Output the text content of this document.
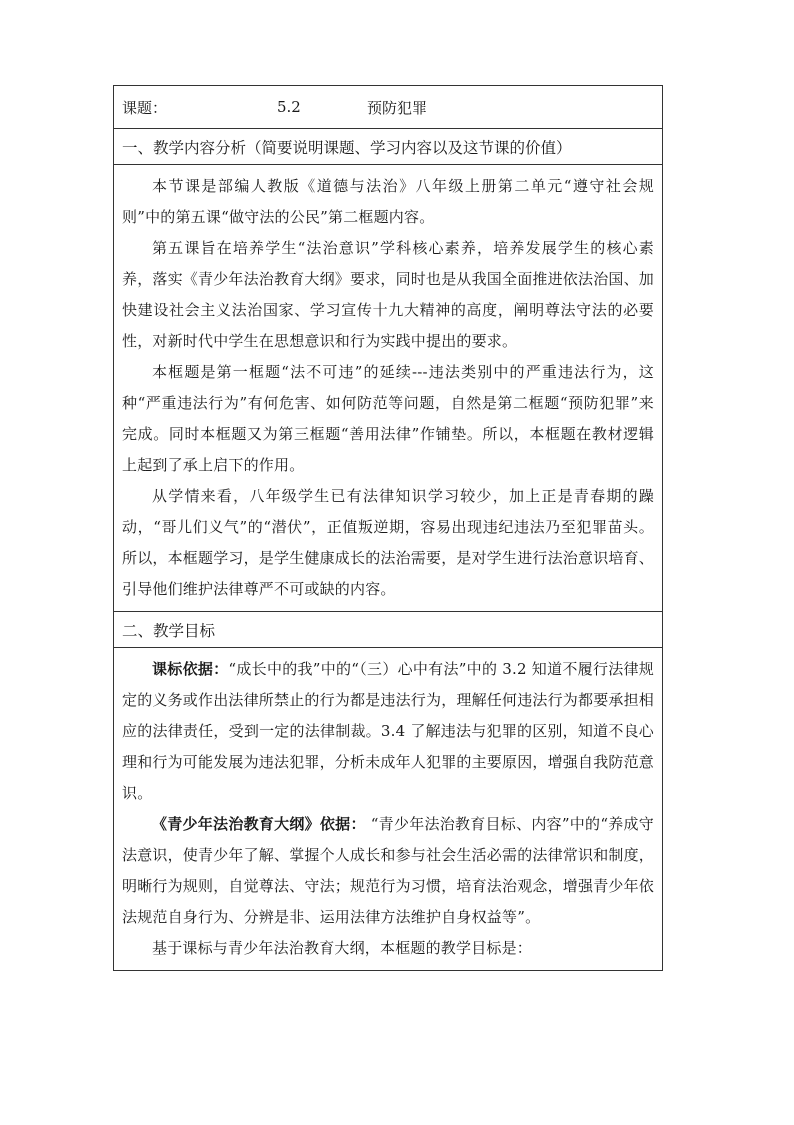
课题：	5.2	预防犯罪

一、教学内容分析（简要说明课题、学习内容以及这节课的价值）

本节课是部编人教版《道德与法治》八年级上册第二单元“遵守社会规则”中的第五课“做守法的公民”第二框题内容。

第五课旨在培养学生“法治意识”学科核心素养，培养发展学生的核心素养，落实《青少年法治教育大纲》要求，同时也是从我国全面推进依法治国、加快建设社会主义法治国家、学习宣传十九大精神的高度，阐明尊法守法的必要性，对新时代中学生在思想意识和行为实践中提出的要求。

本框题是第一框题“法不可违”的延续---违法类别中的严重违法行为，这种“严重违法行为”有何危害、如何防范等问题，自然是第二框题“预防犯罪”来完成。同时本框题又为第三框题“善用法律”作铺垫。所以，本框题在教材逻辑上起到了承上启下的作用。

从学情来看，八年级学生已有法律知识学习较少，加上正是青春期的躁动，“哥儿们义气”的“潜伏”，正值叛逆期，容易出现违纪违法乃至犯罪苗头。所以，本框题学习，是学生健康成长的法治需要，是对学生进行法治意识培育、引导他们维护法律尊严不可或缺的内容。

二、教学目标

课标依据：“成长中的我”中的“（三）心中有法”中的 3.2 知道不履行法律规定的义务或作出法律所禁止的行为都是违法行为，理解任何违法行为都要承担相应的法律责任，受到一定的法律制裁。3.4 了解违法与犯罪的区别，知道不良心理和行为可能发展为违法犯罪，分析未成年人犯罪的主要原因，增强自我防范意识。

《青少年法治教育大纲》依据： “青少年法治教育目标、内容”中的“养成守法意识，使青少年了解、掌握个人成长和参与社会生活必需的法律常识和制度，明晰行为规则，自觉尊法、守法；规范行为习惯，培育法治观念，增强青少年依法规范自身行为、分辨是非、运用法律方法维护自身权益等”。

基于课标与青少年法治教育大纲，本框题的教学目标是：
